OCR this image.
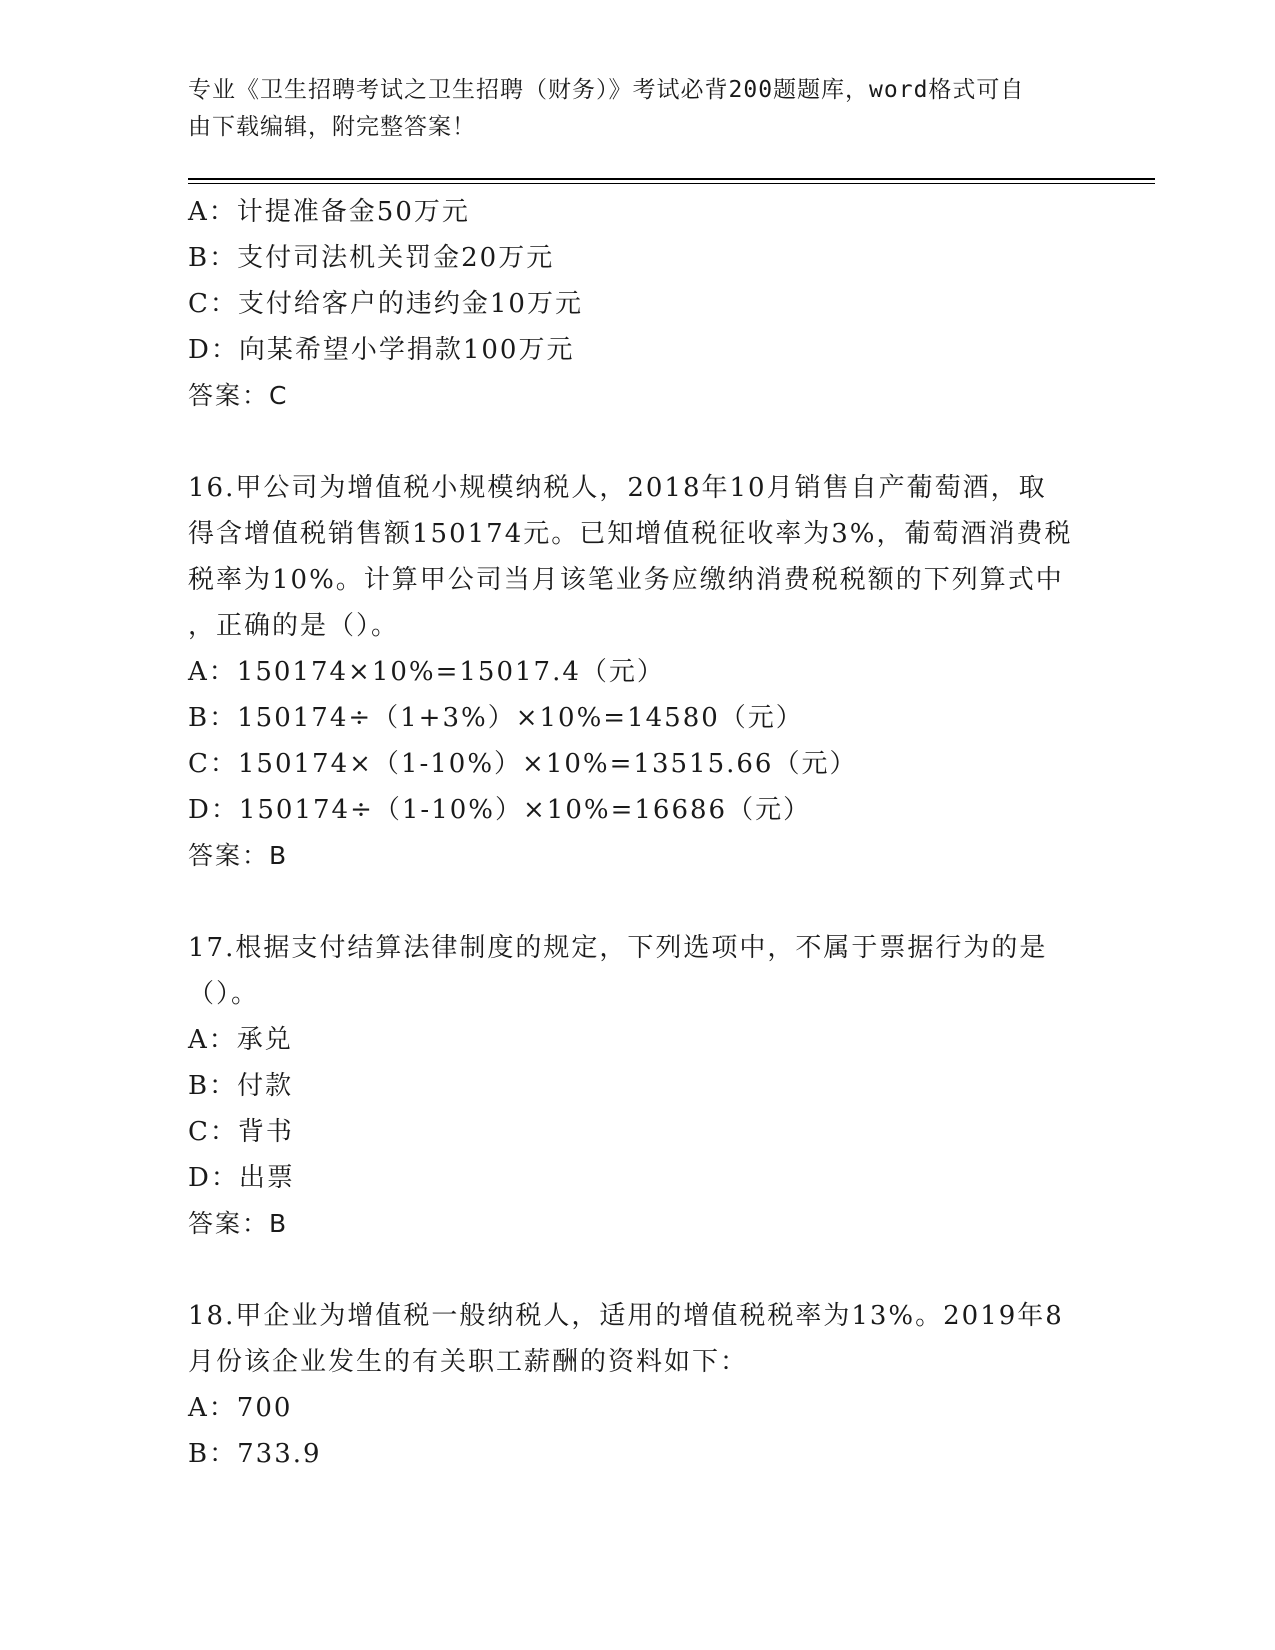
专业《卫生招聘考试之卫生招聘（财务）》考试必背200题题库，word格式可自
由下载编辑，附完整答案！
A：计提准备金50万元
B：支付司法机关罚金20万元
C：支付给客户的违约金10万元
D：向某希望小学捐款100万元
答案：C
16.甲公司为增值税小规模纳税人，2018年10月销售自产葡萄酒，取
得含增值税销售额150174元。已知增值税征收率为3%，葡萄酒消费税
税率为10%。计算甲公司当月该笔业务应缴纳消费税税额的下列算式中
，正确的是（）。
A：150174×10%=15017.4（元）
B：150174÷（1+3%）×10%=14580（元）
C：150174×（1-10%）×10%=13515.66（元）
D：150174÷（1-10%）×10%=16686（元）
答案：B
17.根据支付结算法律制度的规定，下列选项中，不属于票据行为的是
（）。
A：承兑
B：付款
C：背书
D：出票
答案：B
18.甲企业为增值税一般纳税人，适用的增值税税率为13%。2019年8
月份该企业发生的有关职工薪酬的资料如下：
A：700
B：733.9
